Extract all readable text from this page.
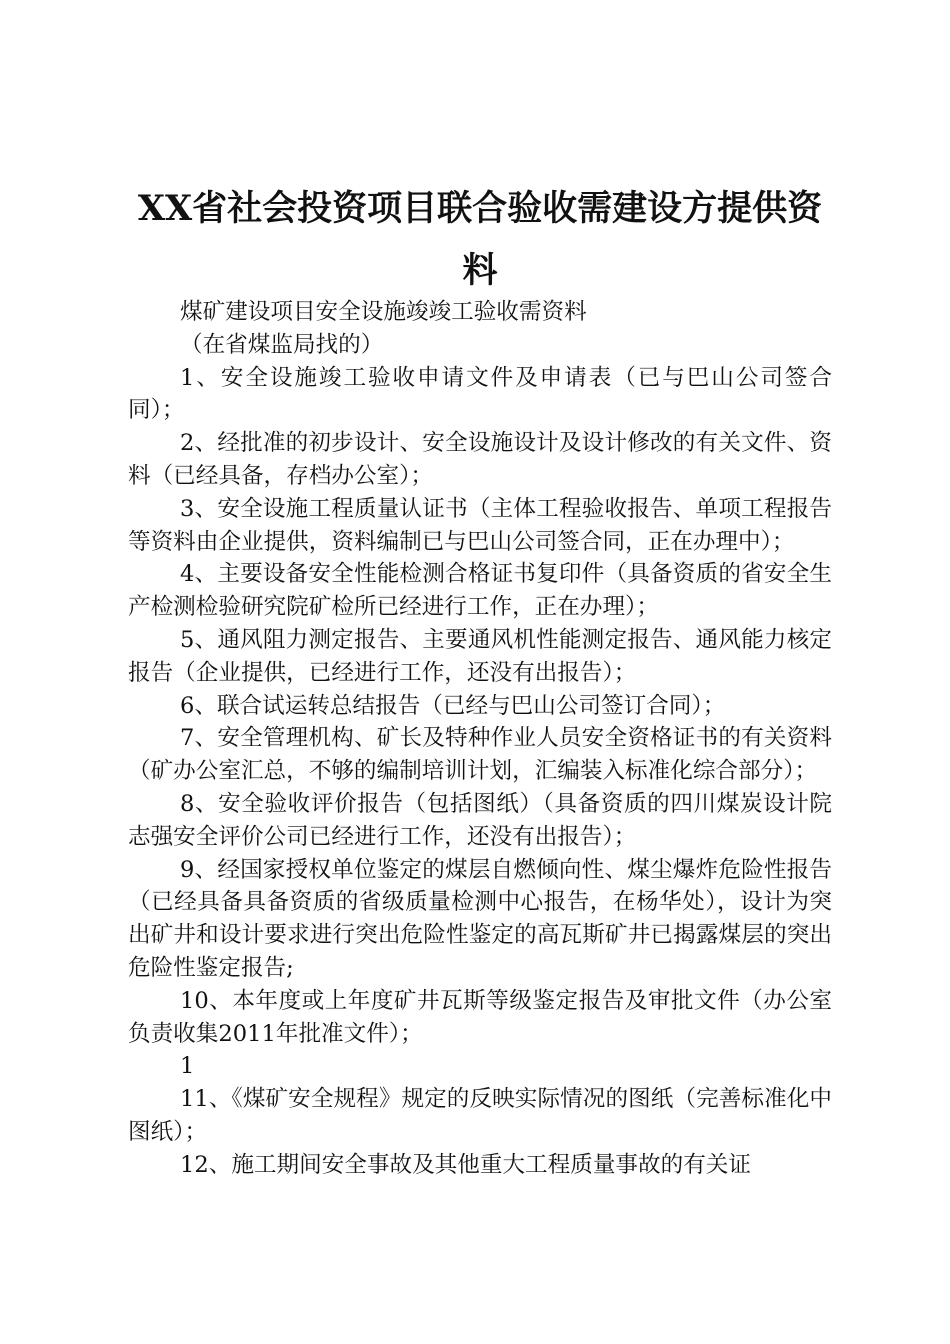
XX省社会投资项目联合验收需建设方提供资料

煤矿建设项目安全设施竣竣工验收需资料

（在省煤监局找的）

1、安全设施竣工验收申请文件及申请表（已与巴山公司签合同）；

2、经批准的初步设计、安全设施设计及设计修改的有关文件、资料（已经具备，存档办公室）；

3、安全设施工程质量认证书（主体工程验收报告、单项工程报告等资料由企业提供，资料编制已与巴山公司签合同，正在办理中）；

4、主要设备安全性能检测合格证书复印件（具备资质的省安全生产检测检验研究院矿检所已经进行工作，正在办理）；

5、通风阻力测定报告、主要通风机性能测定报告、通风能力核定报告（企业提供，已经进行工作，还没有出报告）；

6、联合试运转总结报告（已经与巴山公司签订合同）；

7、安全管理机构、矿长及特种作业人员安全资格证书的有关资料（矿办公室汇总，不够的编制培训计划，汇编装入标准化综合部分）；

8、安全验收评价报告（包括图纸）（具备资质的四川煤炭设计院志强安全评价公司已经进行工作，还没有出报告）；

9、经国家授权单位鉴定的煤层自燃倾向性、煤尘爆炸危险性报告（已经具备具备资质的省级质量检测中心报告，在杨华处），设计为突出矿井和设计要求进行突出危险性鉴定的高瓦斯矿井已揭露煤层的突出危险性鉴定报告;

10、本年度或上年度矿井瓦斯等级鉴定报告及审批文件（办公室负责收集2011年批准文件）；

1

11、《煤矿安全规程》规定的反映实际情况的图纸（完善标准化中图纸）；

12、施工期间安全事故及其他重大工程质量事故的有关证
